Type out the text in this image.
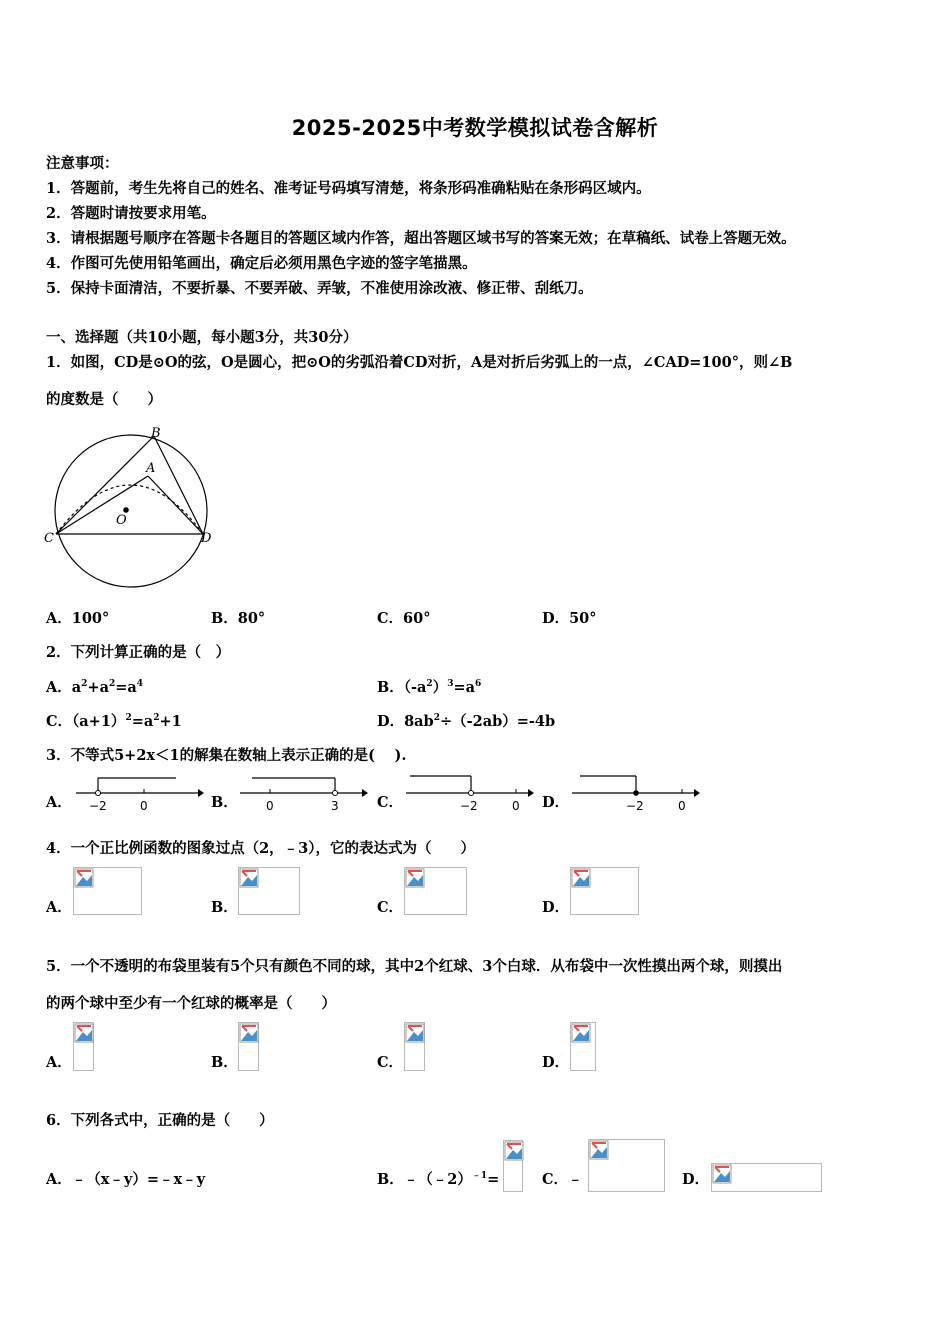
2025-2025中考数学模拟试卷含解析
注意事项：
1．答题前，考生先将自己的姓名、准考证号码填写清楚，将条形码准确粘贴在条形码区域内。
2．答题时请按要求用笔。
3．请根据题号顺序在答题卡各题目的答题区域内作答，超出答题区域书写的答案无效；在草稿纸、试卷上答题无效。
4．作图可先使用铅笔画出，确定后必须用黑色字迹的签字笔描黑。
5．保持卡面清洁，不要折暴、不要弄破、弄皱，不准使用涂改液、修正带、刮纸刀。
一、选择题（共10小题，每小题3分，共30分）
1．如图，CD是⊙O的弦，O是圆心，把⊙O的劣弧沿着CD对折，A是对折后劣弧上的一点，∠CAD=100°，则∠B
的度数是（　　）
B
A
O
C	D
A．100°	B．80°	C．60°	D．50°
2．下列计算正确的是（　）
A．$a^2+a^2=a^4$	B．$(-a^2)^3=a^6$
C．$(a+1)^2=a^2+1$	D．$8ab^2\div(-2ab)=-4b$
3．不等式5+2x＜1的解集在数轴上表示正确的是(　 ).
A． −2	0	B． 0	3	C．	−2	0 D．	−2	0
4．一个正比例函数的图象过点（2，﹣3），它的表达式为（　　）
A．	B．	C．	D．
5．一个不透明的布袋里装有5个只有颜色不同的球，其中2个红球、3个白球．从布袋中一次性摸出两个球，则摸出
的两个球中至少有一个红球的概率是（　　）
A．	B．	C．	D．
6．下列各式中，正确的是（　　）
A．﹣（x﹣y）=﹣x﹣y	B．﹣（﹣2）$^{﹣1}$=	C．﹣	D．
